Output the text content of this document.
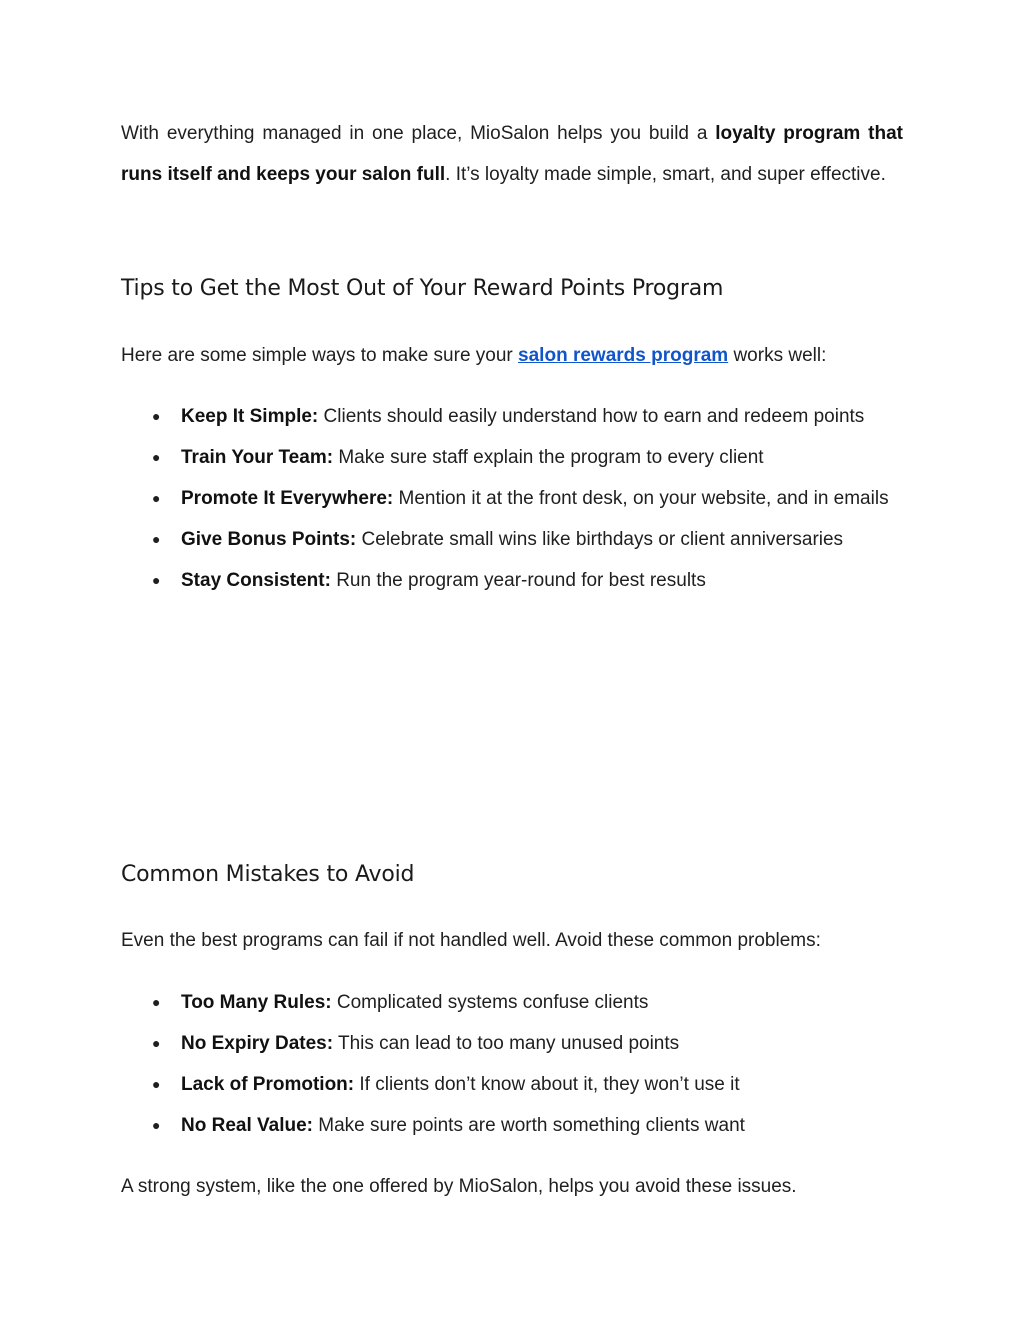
With everything managed in one place, MioSalon helps you build a loyalty program that runs itself and keeps your salon full. It’s loyalty made simple, smart, and super effective.

Tips to Get the Most Out of Your Reward Points Program

Here are some simple ways to make sure your salon rewards program works well:

● Keep It Simple: Clients should easily understand how to earn and redeem points
● Train Your Team: Make sure staff explain the program to every client
● Promote It Everywhere: Mention it at the front desk, on your website, and in emails
● Give Bonus Points: Celebrate small wins like birthdays or client anniversaries
● Stay Consistent: Run the program year-round for best results
Common Mistakes to Avoid

Even the best programs can fail if not handled well. Avoid these common problems:

● Too Many Rules: Complicated systems confuse clients
● No Expiry Dates: This can lead to too many unused points
● Lack of Promotion: If clients don’t know about it, they won’t use it
● No Real Value: Make sure points are worth something clients want

A strong system, like the one offered by MioSalon, helps you avoid these issues.
